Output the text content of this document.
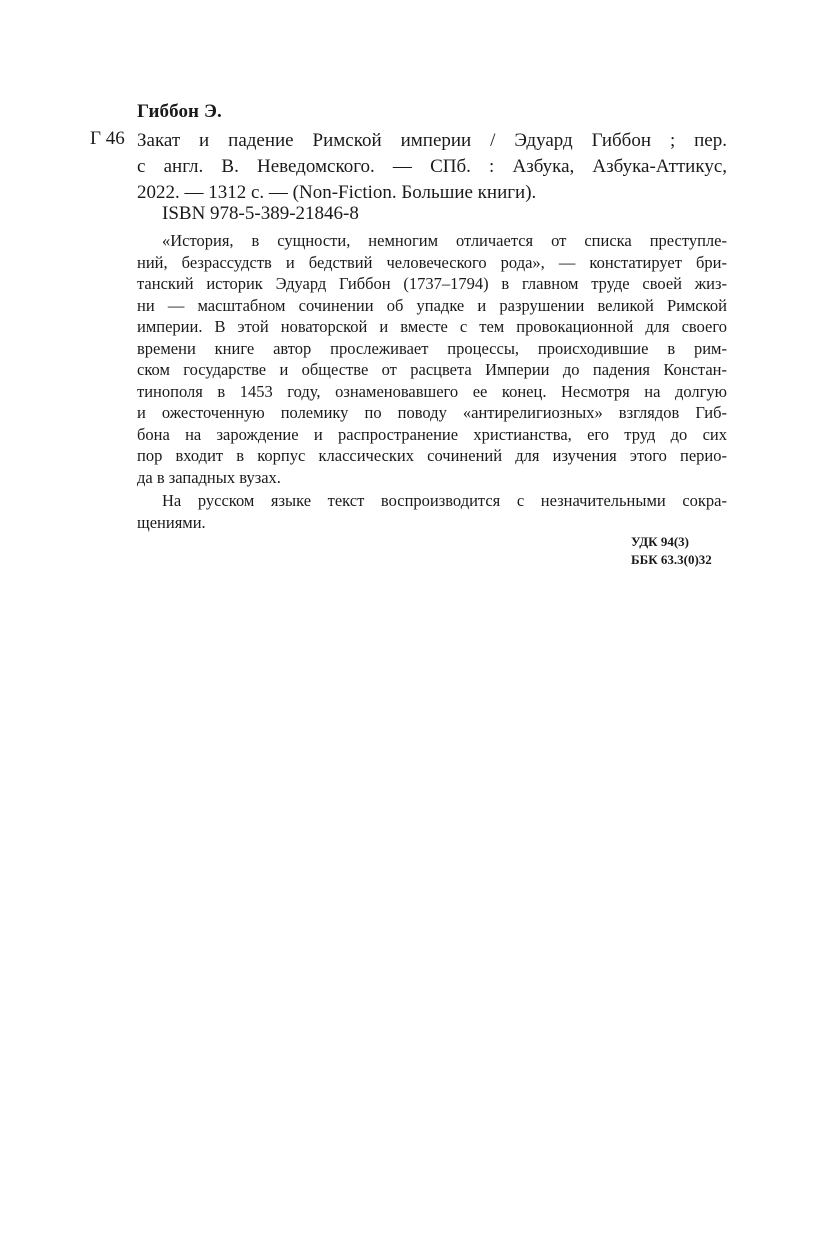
Гиббон Э.
Г 46 Закат и падение Римской империи / Эдуард Гиббон ; пер.
с англ. В. Неведомского. — СПб. : Азбука, Азбука-Аттикус,
2022. — 1312 с. — (Non-Fiction. Большие книги).
ISBN 978-5-389-21846-8
«История, в сущности, немногим отличается от списка преступле-
ний, безрассудств и бедствий человеческого рода», — констатирует бри-
танский историк Эдуард Гиббон (1737–1794) в главном труде своей жиз-
ни — масштабном сочинении об упадке и разрушении великой Римской
империи. В этой новаторской и вместе с тем провокационной для своего
времени книге автор прослеживает процессы, происходившие в рим-
ском государстве и обществе от расцвета Империи до падения Констан-
тинополя в 1453 году, ознаменовавшего ее конец. Несмотря на долгую
и ожесточенную полемику по поводу «антирелигиозных» взглядов Гиб-
бона на зарождение и распространение христианства, его труд до сих
пор входит в корпус классических сочинений для изучения этого перио-
да в западных вузах.
На русском языке текст воспроизводится с незначительными сокра-
щениями.
УДК 94(3)
ББК 63.3(0)32
